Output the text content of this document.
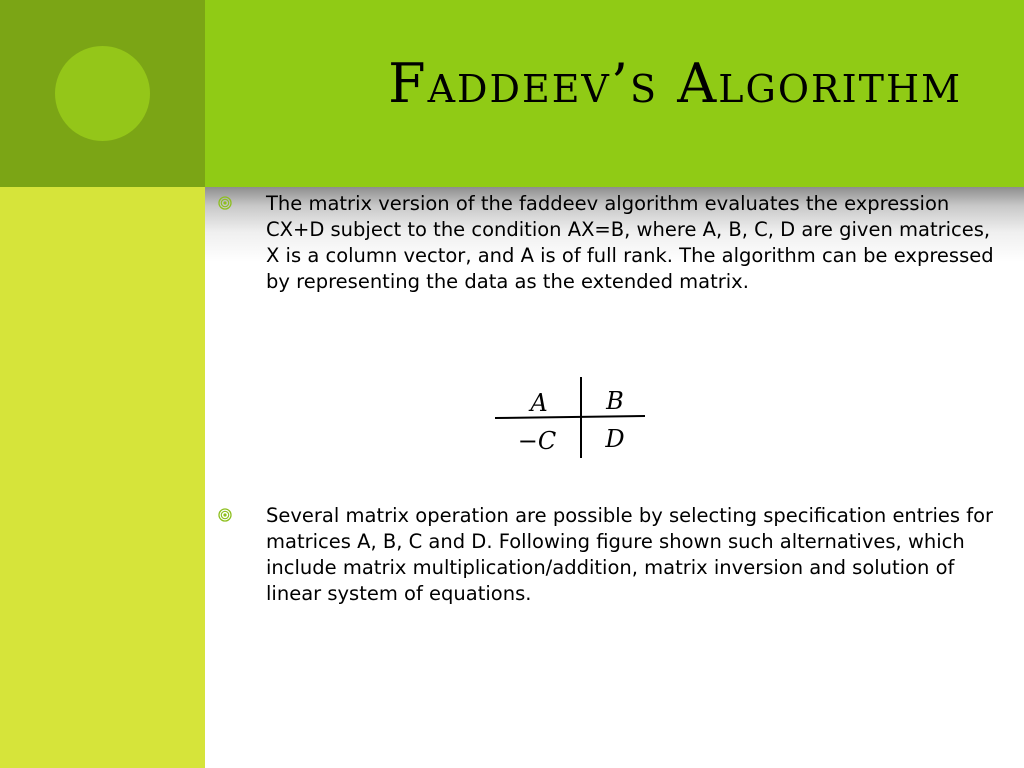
Faddeev’s Algorithm

The matrix version of the faddeev algorithm evaluates the expression CX+D subject to the condition AX=B, where A, B, C, D are given matrices, X is a column vector, and A is of full rank. The algorithm can be expressed by representing the data as the extended matrix.

A B
−C D

Several matrix operation are possible by selecting specification entries for matrices A, B, C and D. Following figure shown such alternatives, which include matrix multiplication/addition, matrix inversion and solution of linear system of equations.
